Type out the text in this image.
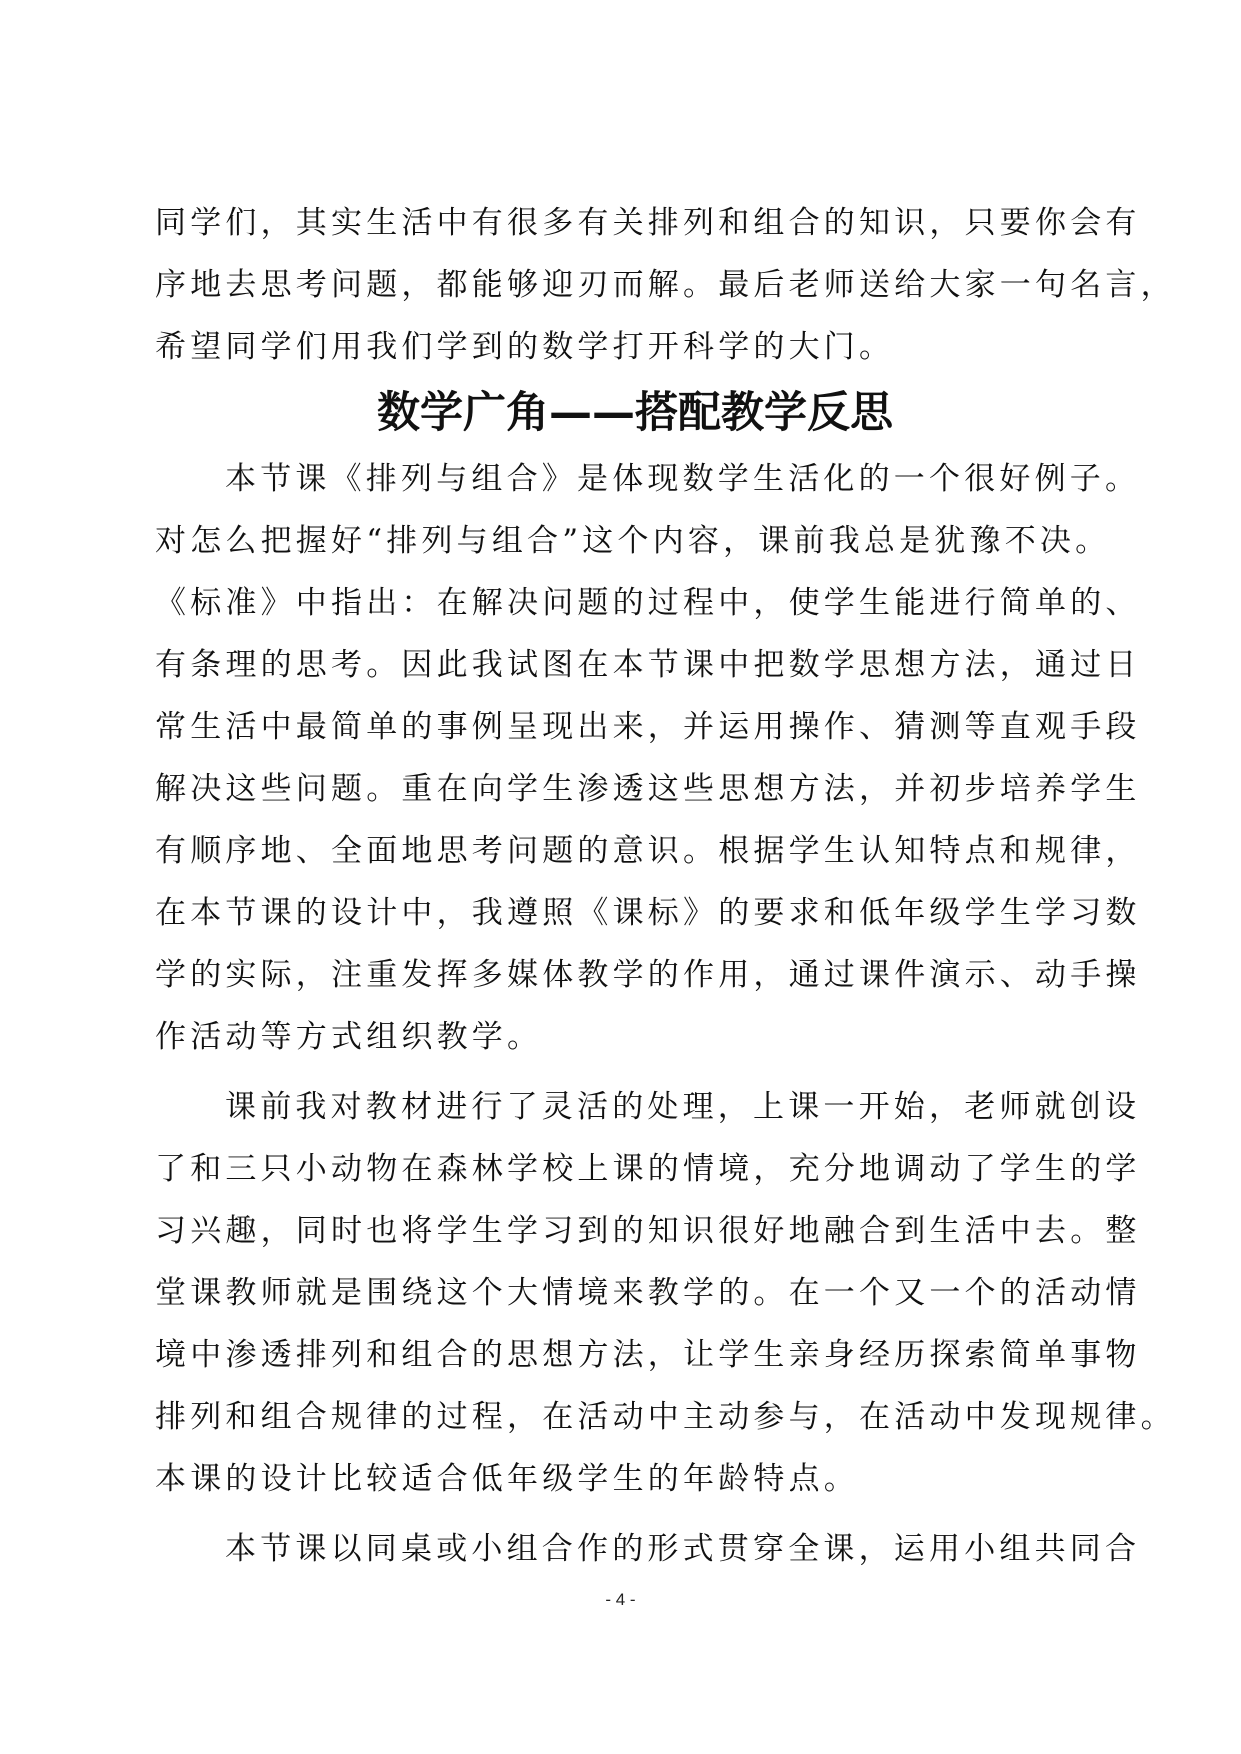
同学们，其实生活中有很多有关排列和组合的知识，只要你会有
序地去思考问题，都能够迎刃而解。最后老师送给大家一句名言，
希望同学们用我们学到的数学打开科学的大门。
数学广角——搭配教学反思
本节课《排列与组合》是体现数学生活化的一个很好例子。
对怎么把握好“排列与组合”这个内容，课前我总是犹豫不决。
《标准》中指出：在解决问题的过程中，使学生能进行简单的、
有条理的思考。因此我试图在本节课中把数学思想方法，通过日
常生活中最简单的事例呈现出来，并运用操作、猜测等直观手段
解决这些问题。重在向学生渗透这些思想方法，并初步培养学生
有顺序地、全面地思考问题的意识。根据学生认知特点和规律，
在本节课的设计中，我遵照《课标》的要求和低年级学生学习数
学的实际，注重发挥多媒体教学的作用，通过课件演示、动手操
作活动等方式组织教学。
课前我对教材进行了灵活的处理，上课一开始，老师就创设
了和三只小动物在森林学校上课的情境，充分地调动了学生的学
习兴趣，同时也将学生学习到的知识很好地融合到生活中去。整
堂课教师就是围绕这个大情境来教学的。在一个又一个的活动情
境中渗透排列和组合的思想方法，让学生亲身经历探索简单事物
排列和组合规律的过程，在活动中主动参与，在活动中发现规律。
本课的设计比较适合低年级学生的年龄特点。
本节课以同桌或小组合作的形式贯穿全课，运用小组共同合
- 4 -
